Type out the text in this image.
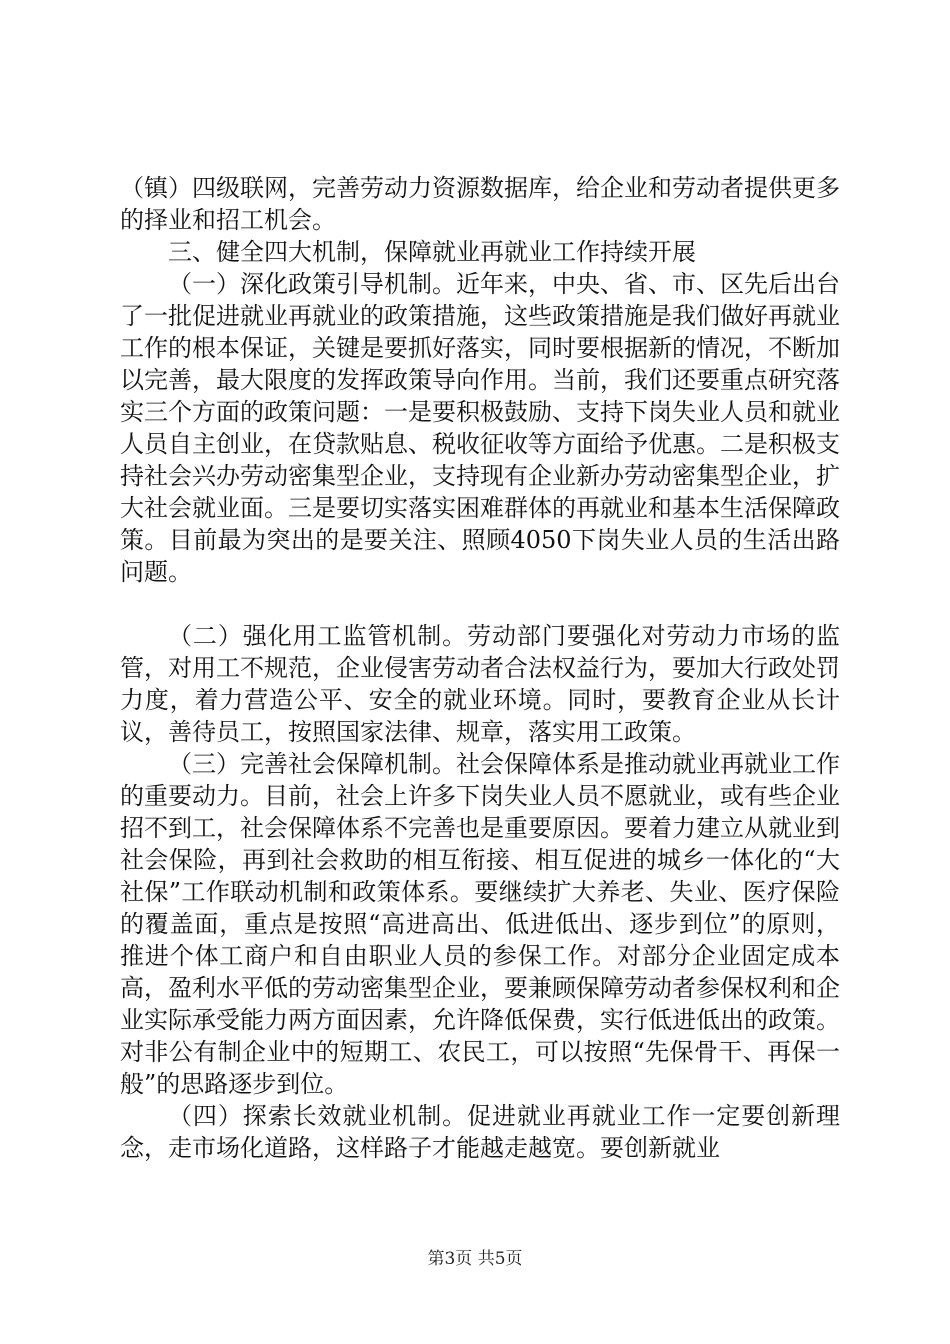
（镇）四级联网，完善劳动力资源数据库，给企业和劳动者提供更多的择业和招工机会。

三、健全四大机制，保障就业再就业工作持续开展

（一）深化政策引导机制。近年来，中央、省、市、区先后出台了一批促进就业再就业的政策措施，这些政策措施是我们做好再就业工作的根本保证，关键是要抓好落实，同时要根据新的情况，不断加以完善，最大限度的发挥政策导向作用。当前，我们还要重点研究落实三个方面的政策问题：一是要积极鼓励、支持下岗失业人员和就业人员自主创业，在贷款贴息、税收征收等方面给予优惠。二是积极支持社会兴办劳动密集型企业，支持现有企业新办劳动密集型企业，扩大社会就业面。三是要切实落实困难群体的再就业和基本生活保障政策。目前最为突出的是要关注、照顾4050下岗失业人员的生活出路问题。

（二）强化用工监管机制。劳动部门要强化对劳动力市场的监管，对用工不规范，企业侵害劳动者合法权益行为，要加大行政处罚力度，着力营造公平、安全的就业环境。同时，要教育企业从长计议，善待员工，按照国家法律、规章，落实用工政策。

（三）完善社会保障机制。社会保障体系是推动就业再就业工作的重要动力。目前，社会上许多下岗失业人员不愿就业，或有些企业招不到工，社会保障体系不完善也是重要原因。要着力建立从就业到社会保险，再到社会救助的相互衔接、相互促进的城乡一体化的“大社保”工作联动机制和政策体系。要继续扩大养老、失业、医疗保险的覆盖面，重点是按照“高进高出、低进低出、逐步到位”的原则，推进个体工商户和自由职业人员的参保工作。对部分企业固定成本高，盈利水平低的劳动密集型企业，要兼顾保障劳动者参保权利和企业实际承受能力两方面因素，允许降低保费，实行低进低出的政策。对非公有制企业中的短期工、农民工，可以按照“先保骨干、再保一般”的思路逐步到位。

（四）探索长效就业机制。促进就业再就业工作一定要创新理念，走市场化道路，这样路子才能越走越宽。要创新就业

第3页 共5页
